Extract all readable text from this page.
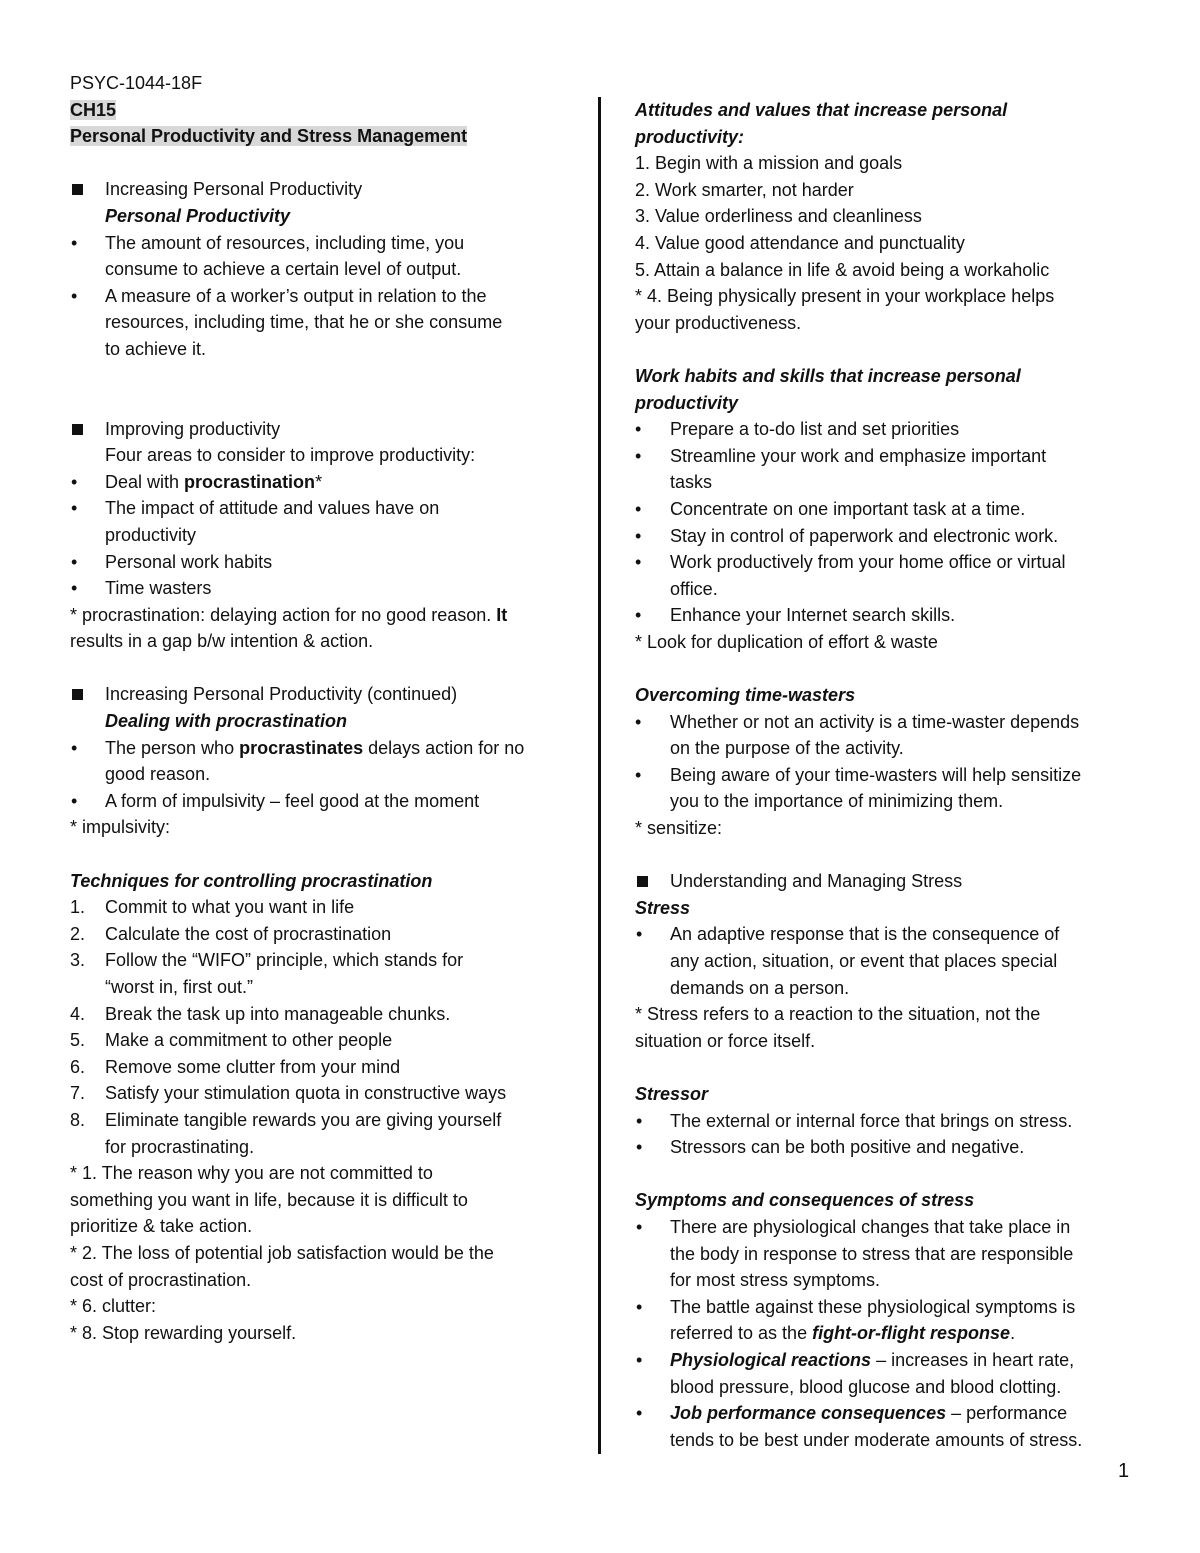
PSYC-1044-18F
CH15
Personal Productivity and Stress Management
Increasing Personal Productivity
Personal Productivity
•	The amount of resources, including time, you
consume to achieve a certain level of output.
•	A measure of a worker’s output in relation to the
resources, including time, that he or she consume
to achieve it.
Improving productivity
Four areas to consider to improve productivity:
•	Deal with procrastination*
•	The impact of attitude and values have on
productivity
•	Personal work habits
•	Time wasters
* procrastination: delaying action for no good reason. It
results in a gap b/w intention & action.
Increasing Personal Productivity (continued)
Dealing with procrastination
•	The person who procrastinates delays action for no
good reason.
•	A form of impulsivity – feel good at the moment
* impulsivity:
Techniques for controlling procrastination
1.	Commit to what you want in life
2.	Calculate the cost of procrastination
3.	Follow the “WIFO” principle, which stands for
“worst in, first out.”
4.	Break the task up into manageable chunks.
5.	Make a commitment to other people
6.	Remove some clutter from your mind
7.	Satisfy your stimulation quota in constructive ways
8.	Eliminate tangible rewards you are giving yourself
for procrastinating.
* 1. The reason why you are not committed to
something you want in life, because it is difficult to
prioritize & take action.
* 2. The loss of potential job satisfaction would be the
cost of procrastination.
* 6. clutter:
* 8. Stop rewarding yourself.
Attitudes and values that increase personal
productivity:
1. Begin with a mission and goals
2. Work smarter, not harder
3. Value orderliness and cleanliness
4. Value good attendance and punctuality
5. Attain a balance in life & avoid being a workaholic
* 4. Being physically present in your workplace helps
your productiveness.
Work habits and skills that increase personal
productivity
•	Prepare a to-do list and set priorities
•	Streamline your work and emphasize important
tasks
•	Concentrate on one important task at a time.
•	Stay in control of paperwork and electronic work.
•	Work productively from your home office or virtual
office.
•	Enhance your Internet search skills.
* Look for duplication of effort & waste
Overcoming time-wasters
•	Whether or not an activity is a time-waster depends
on the purpose of the activity.
•	Being aware of your time-wasters will help sensitize
you to the importance of minimizing them.
* sensitize:
Understanding and Managing Stress
Stress
•	An adaptive response that is the consequence of
any action, situation, or event that places special
demands on a person.
* Stress refers to a reaction to the situation, not the
situation or force itself.
Stressor
•	The external or internal force that brings on stress.
•	Stressors can be both positive and negative.
Symptoms and consequences of stress
•	There are physiological changes that take place in
the body in response to stress that are responsible
for most stress symptoms.
•	The battle against these physiological symptoms is
referred to as the fight-or-flight response.
•	Physiological reactions – increases in heart rate,
blood pressure, blood glucose and blood clotting.
•	Job performance consequences – performance
tends to be best under moderate amounts of stress.
1
